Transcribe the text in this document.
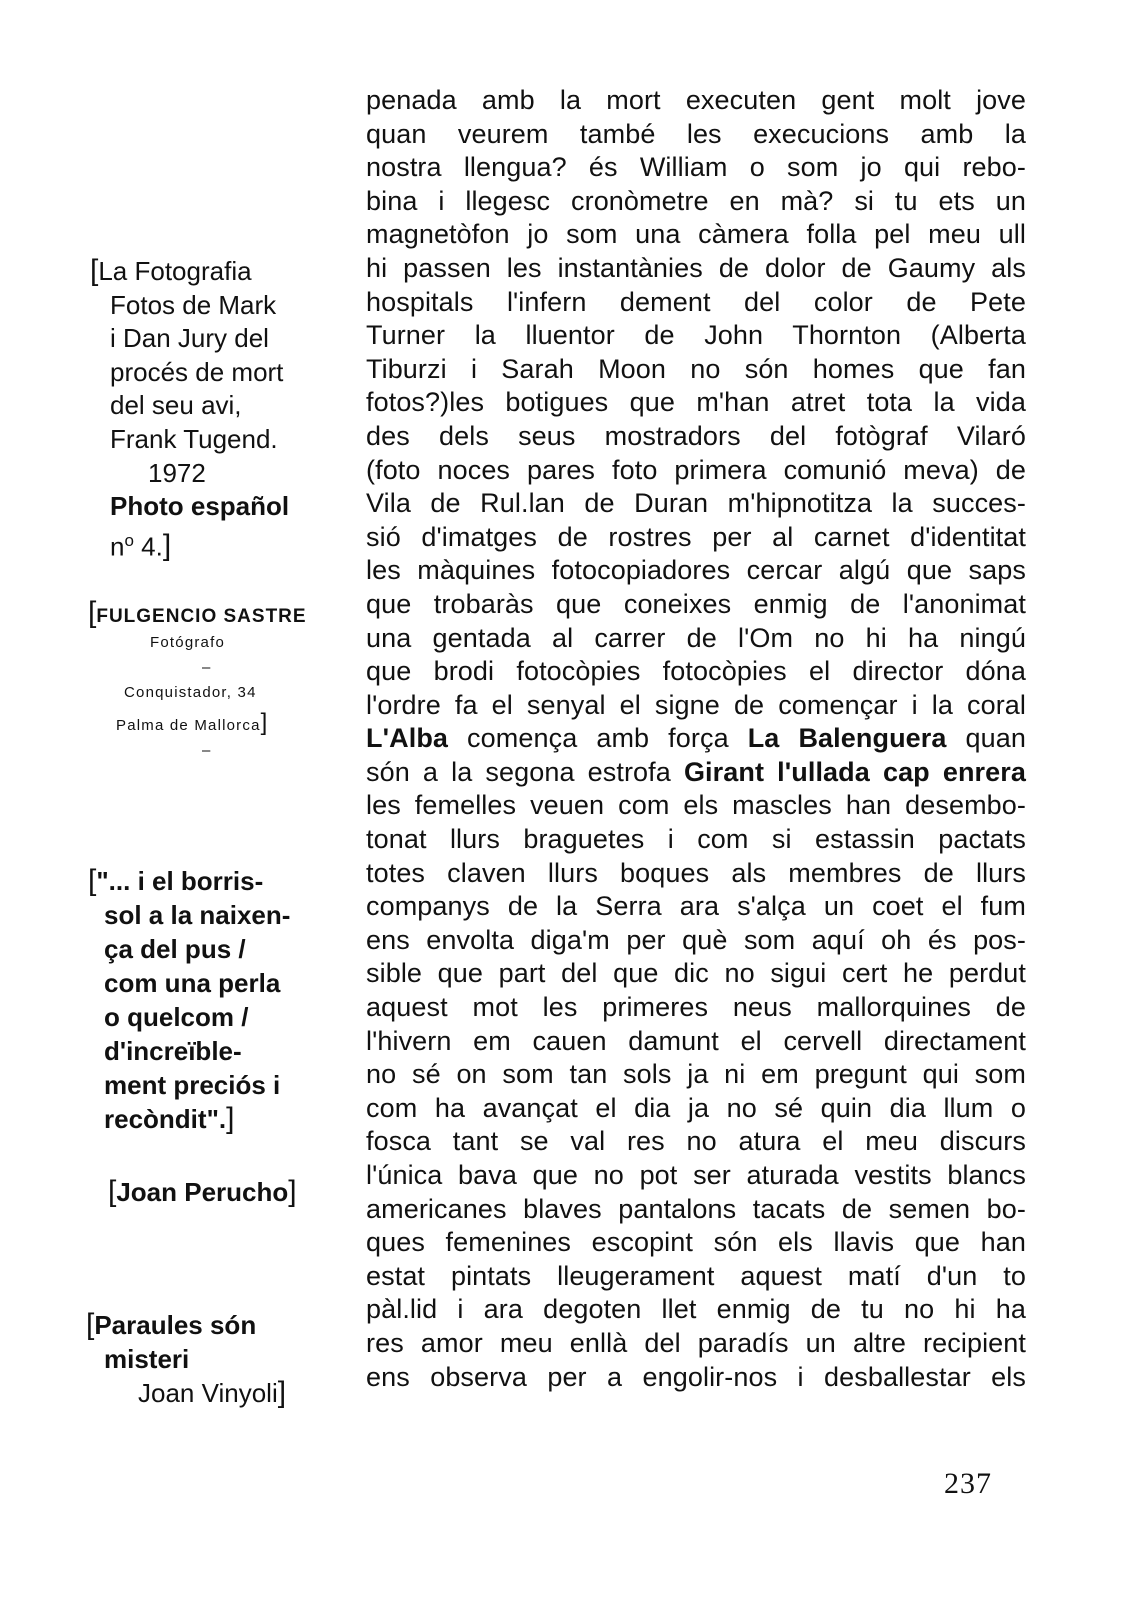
[La Fotografia
Fotos de Mark
i Dan Jury del
procés de mort
del seu avi,
Frank Tugend.
1972
Photo español
$n^o$ 4.]
[FULGENCIO SASTRE
Fotógrafo
–
Conquistador, 34
Palma de Mallorca]
–
["... i el borris-
sol a la naixen-
ça del pus /
com una perla
o quelcom /
d'increïble-
ment preciós i
recòndit".]
[Joan Perucho]
[Paraules són
misteri
Joan Vinyoli]
penada amb la mort executen gent molt jove
quan veurem també les execucions amb la
nostra llengua? és William o som jo qui rebo-
bina i llegesc cronòmetre en mà? si tu ets un
magnetòfon jo som una càmera folla pel meu ull
hi passen les instantànies de dolor de Gaumy als
hospitals l'infern dement del color de Pete
Turner la lluentor de John Thornton (Alberta
Tiburzi i Sarah Moon no són homes que fan
fotos?)les botigues que m'han atret tota la vida
des dels seus mostradors del fotògraf Vilaró
(foto noces pares foto primera comunió meva) de
Vila de Rul.lan de Duran m'hipnotitza la succes-
sió d'imatges de rostres per al carnet d'identitat
les màquines fotocopiadores cercar algú que saps
que trobaràs que coneixes enmig de l'anonimat
una gentada al carrer de l'Om no hi ha ningú
que brodi fotocòpies fotocòpies el director dóna
l'ordre fa el senyal el signe de començar i la coral
L'Alba comença amb força La Balenguera quan
són a la segona estrofa Girant l'ullada cap enrera
les femelles veuen com els mascles han desembo-
tonat llurs braguetes i com si estassin pactats
totes claven llurs boques als membres de llurs
companys de la Serra ara s'alça un coet el fum
ens envolta diga'm per què som aquí oh és pos-
sible que part del que dic no sigui cert he perdut
aquest mot les primeres neus mallorquines de
l'hivern em cauen damunt el cervell directament
no sé on som tan sols ja ni em pregunt qui som
com ha avançat el dia ja no sé quin dia llum o
fosca tant se val res no atura el meu discurs
l'única bava que no pot ser aturada vestits blancs
americanes blaves pantalons tacats de semen bo-
ques femenines escopint són els llavis que han
estat pintats lleugerament aquest matí d'un to
pàl.lid i ara degoten llet enmig de tu no hi ha
res amor meu enllà del paradís un altre recipient
ens observa per a engolir-nos i desballestar els
237
